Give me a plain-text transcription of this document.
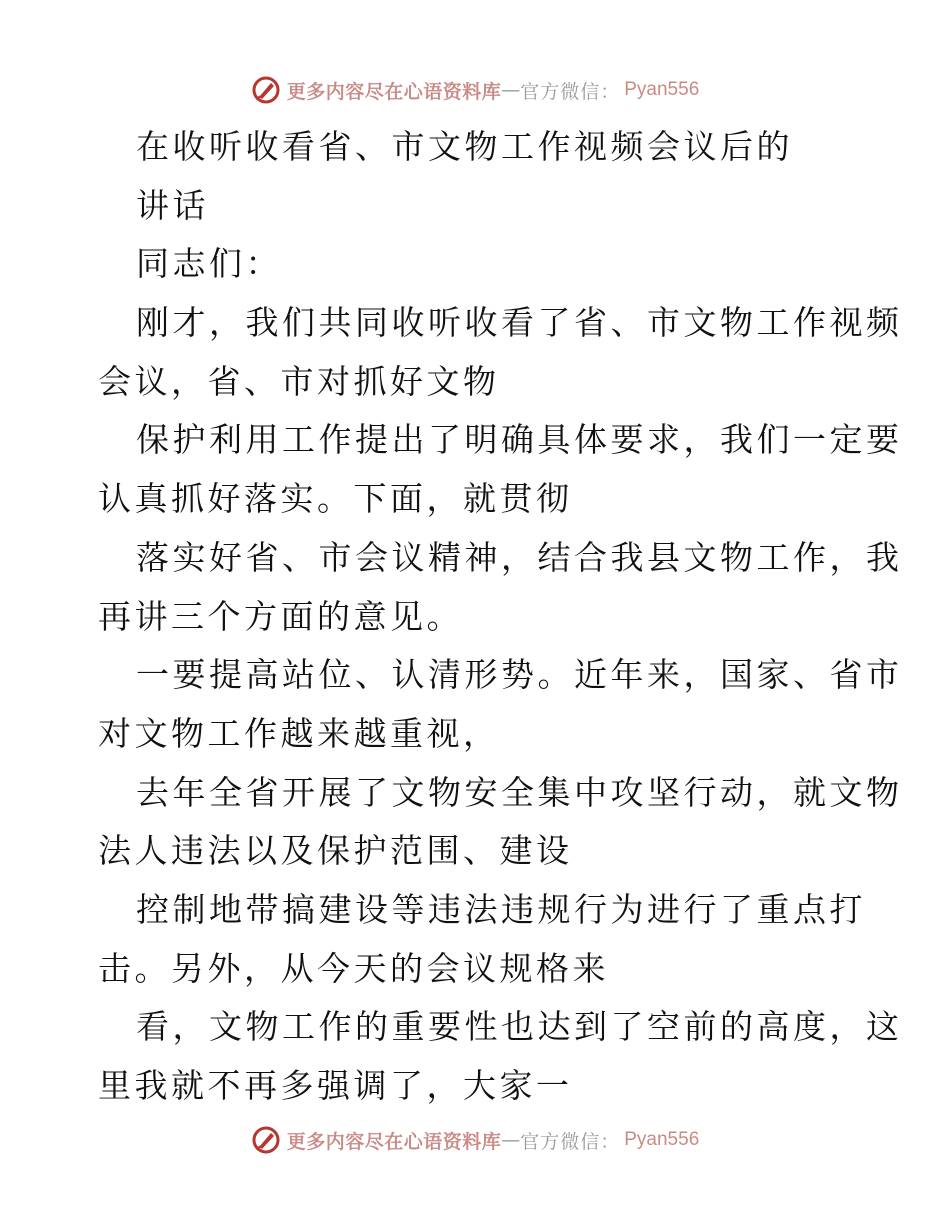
更多内容尽在心语资料库 — 官方微信： Pyan556
在收听收看省、市文物工作视频会议后的
讲话
同志们：
刚才，我们共同收听收看了省、市文物工作视频
会议，省、市对抓好文物
保护利用工作提出了明确具体要求，我们一定要
认真抓好落实。下面，就贯彻
落实好省、市会议精神，结合我县文物工作，我
再讲三个方面的意见。
一要提高站位、认清形势。近年来，国家、省市
对文物工作越来越重视，
去年全省开展了文物安全集中攻坚行动，就文物
法人违法以及保护范围、建设
控制地带搞建设等违法违规行为进行了重点打
击。另外，从今天的会议规格来
看，文物工作的重要性也达到了空前的高度，这
里我就不再多强调了，大家一
更多内容尽在心语资料库 — 官方微信： Pyan556
